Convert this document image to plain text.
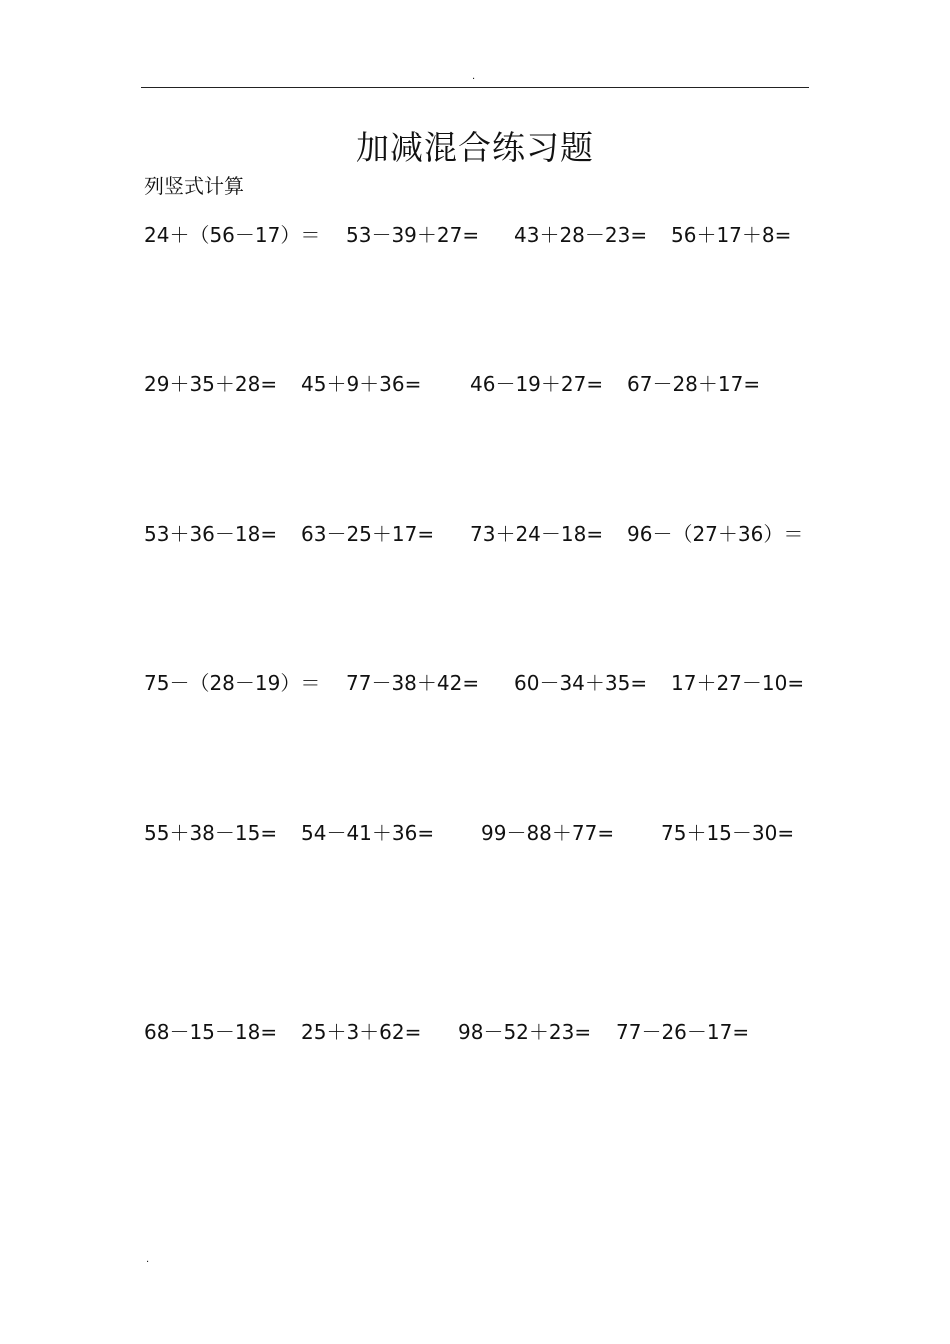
.
加减混合练习题
列竖式计算
24＋（56－17）＝ 53－39＋27= 43＋28－23= 56＋17＋8=
29＋35＋28= 45＋9＋36= 46－19＋27= 67－28＋17=
53＋36－18= 63－25＋17= 73＋24－18= 96－（27＋36）＝
75－（28－19）＝ 77－38＋42= 60－34＋35= 17＋27－10=
55＋38－15= 54－41＋36= 99－88＋77= 75＋15－30=
68－15－18= 25＋3＋62= 98－52＋23= 77－26－17=
.
